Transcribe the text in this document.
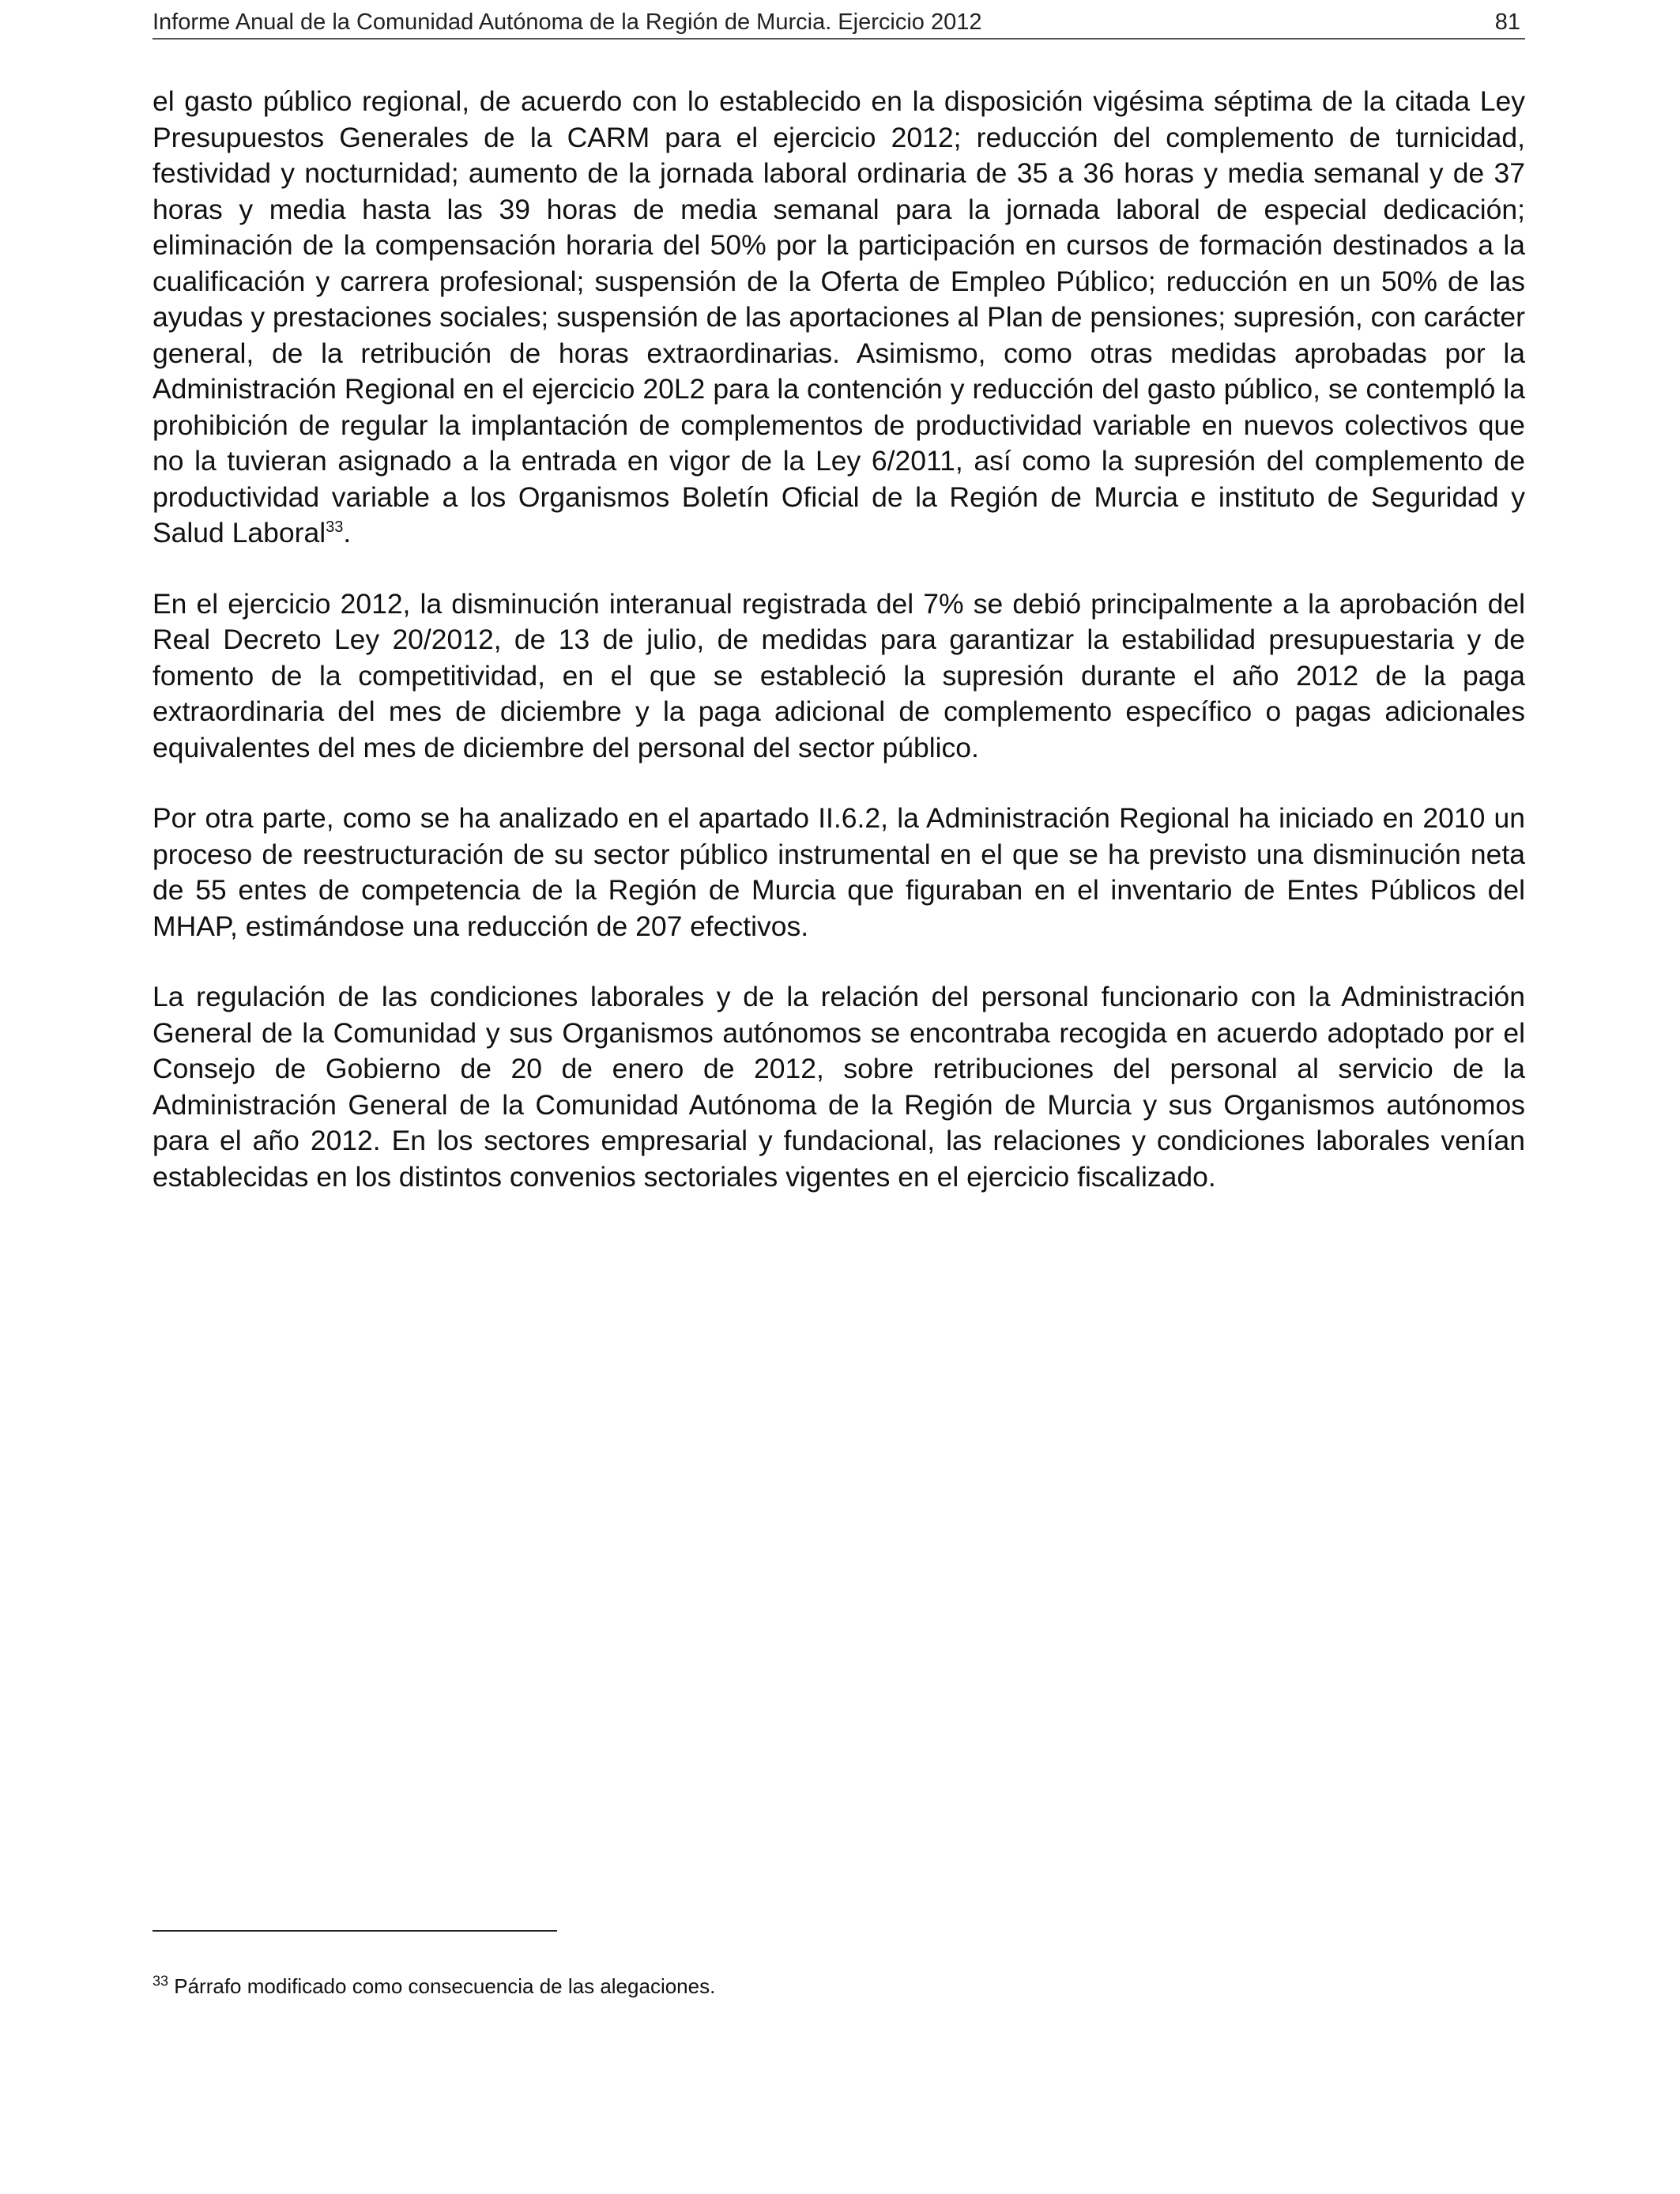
Informe Anual de la Comunidad Autónoma de la Región de Murcia. Ejercicio 2012	81

el gasto público regional, de acuerdo con lo establecido en la disposición vigésima séptima de la citada Ley Presupuestos Generales de la CARM para el ejercicio 2012; reducción del complemento de turnicidad, festividad y nocturnidad; aumento de la jornada laboral ordinaria de 35 a 36 horas y media semanal y de 37 horas y media hasta las 39 horas de media semanal para la jornada laboral de especial dedicación; eliminación de la compensación horaria del 50% por la participación en cursos de formación destinados a la cualificación y carrera profesional; suspensión de la Oferta de Empleo Público; reducción en un 50% de las ayudas y prestaciones sociales; suspensión de las aportaciones al Plan de pensiones; supresión, con carácter general, de la retribución de horas extraordinarias. Asimismo, como otras medidas aprobadas por la Administración Regional en el ejercicio 20L2 para la contención y reducción del gasto público, se contempló la prohibición de regular la implantación de complementos de productividad variable en nuevos colectivos que no la tuvieran asignado a la entrada en vigor de la Ley 6/2011, así como la supresión del complemento de productividad variable a los Organismos Boletín Oficial de la Región de Murcia e instituto de Seguridad y Salud Laboral$^{33}$.

En el ejercicio 2012, la disminución interanual registrada del 7% se debió principalmente a la aprobación del Real Decreto Ley 20/2012, de 13 de julio, de medidas para garantizar la estabilidad presupuestaria y de fomento de la competitividad, en el que se estableció la supresión durante el año 2012 de la paga extraordinaria del mes de diciembre y la paga adicional de complemento específico o pagas adicionales equivalentes del mes de diciembre del personal del sector público.

Por otra parte, como se ha analizado en el apartado II.6.2, la Administración Regional ha iniciado en 2010 un proceso de reestructuración de su sector público instrumental en el que se ha previsto una disminución neta de 55 entes de competencia de la Región de Murcia que figuraban en el inventario de Entes Públicos del MHAP, estimándose una reducción de 207 efectivos.

La regulación de las condiciones laborales y de la relación del personal funcionario con la Administración General de la Comunidad y sus Organismos autónomos se encontraba recogida en acuerdo adoptado por el Consejo de Gobierno de 20 de enero de 2012, sobre retribuciones del personal al servicio de la Administración General de la Comunidad Autónoma de la Región de Murcia y sus Organismos autónomos para el año 2012. En los sectores empresarial y fundacional, las relaciones y condiciones laborales venían establecidas en los distintos convenios sectoriales vigentes en el ejercicio fiscalizado.

$^{33}$ Párrafo modificado como consecuencia de las alegaciones.
